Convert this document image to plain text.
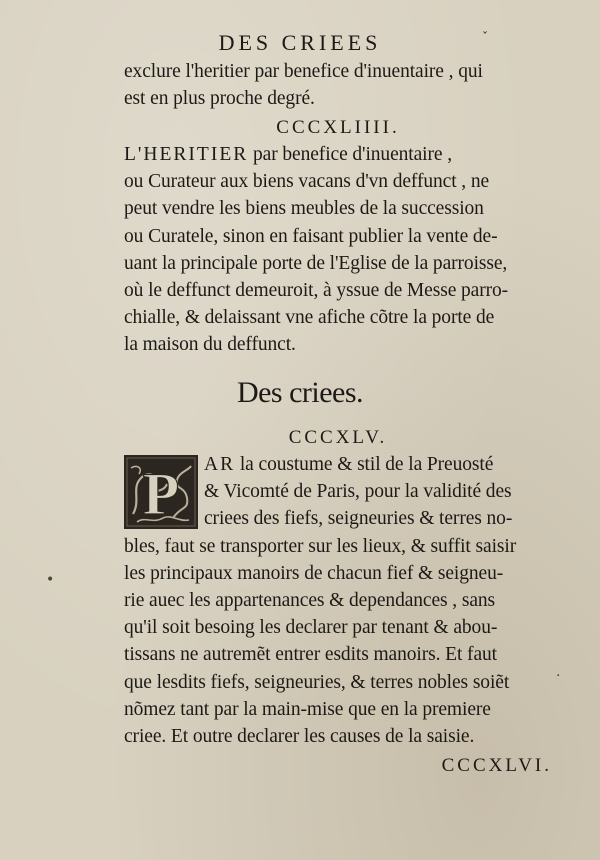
DES CRIEES	ˇ
exclure l'heritier par benefice d'inuentaire , qui
est en plus proche degré.
CCCXLIIII.
L'HERITIER par benefice d'inuentaire ,
ou Curateur aux biens vacans d'vn deffunct , ne
peut vendre les biens meubles de la succession
ou Curatele, sinon en faisant publier la vente de-
uant la principale porte de l'Eglise de la parroisse,
où le deffunct demeuroit, à yssue de Messe parro-
chialle, & delaissant vne afiche cõtre la porte de
la maison du deffunct.
Des criees.
CCCXLV.
P AR la coustume & stil de la Preuosté
& Vicomté de Paris, pour la validité des
criees des fiefs, seigneuries & terres no-
bles, faut se transporter sur les lieux, & suffit saisir
les principaux manoirs de chacun fief & seigneu-
rie auec les appartenances & dependances , sans
qu'il soit besoing les declarer par tenant & abou-
tissans ne autremẽt entrer esdits manoirs. Et faut
que lesdits fiefs, seigneuries, & terres nobles soiẽt
nõmez tant par la main-mise que en la premiere
criee. Et outre declarer les causes de la saisie.
CCCXLVI.
•
·
